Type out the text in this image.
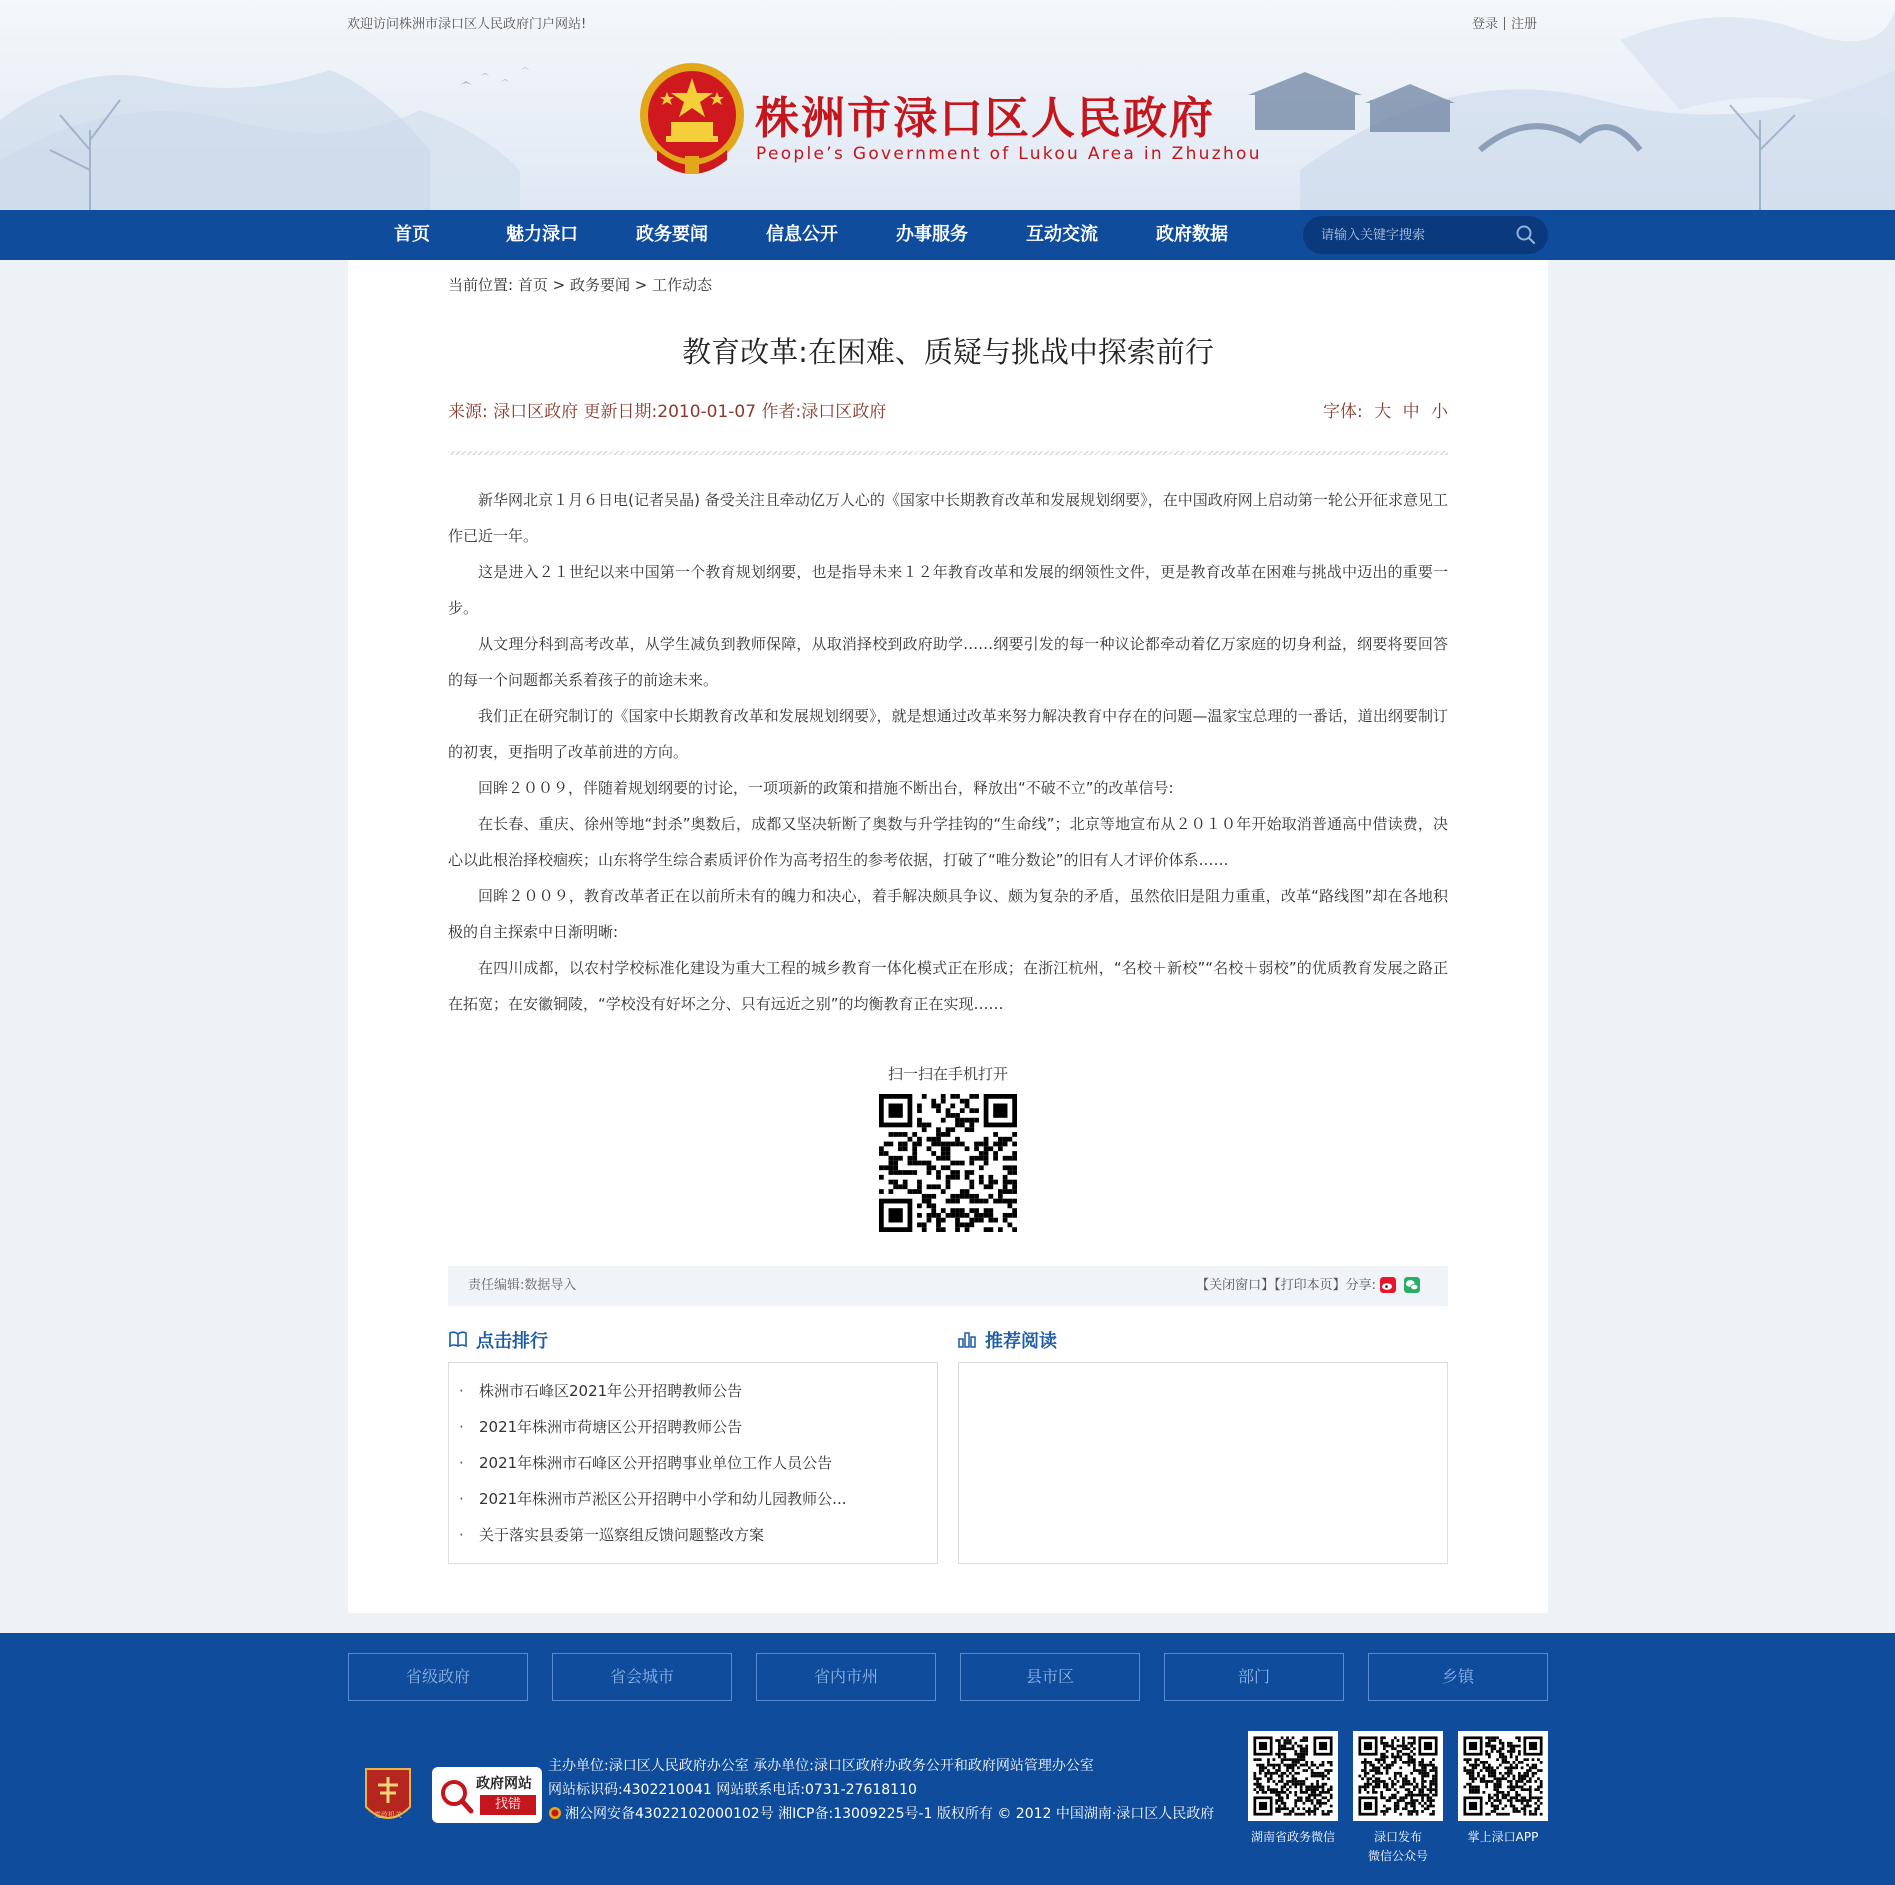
欢迎访问株洲市渌口区人民政府门户网站!	登录 注册
株洲市渌口区人民政府
People’s Government of Lukou Area in Zhuzhou
首页	魅力渌口	政务要闻	信息公开	办事服务	互动交流	政府数据
请输入关键字搜索
当前位置: 首页 > 政务要闻 > 工作动态
教育改革:在困难、质疑与挑战中探索前行
来源: 渌口区政府 更新日期:2010-01-07 作者:渌口区政府	字体: 大 中 小

新华网北京１月６日电(记者吴晶) 备受关注且牵动亿万人心的《国家中长期教育改革和发展规划纲要》，在中国政府网上启动第一轮公开征求意见工作已近一年。

这是进入２１世纪以来中国第一个教育规划纲要，也是指导未来１２年教育改革和发展的纲领性文件，更是教育改革在困难与挑战中迈出的重要一步。

从文理分科到高考改革，从学生减负到教师保障，从取消择校到政府助学……纲要引发的每一种议论都牵动着亿万家庭的切身利益，纲要将要回答的每一个问题都关系着孩子的前途未来。

我们正在研究制订的《国家中长期教育改革和发展规划纲要》，就是想通过改革来努力解决教育中存在的问题—温家宝总理的一番话，道出纲要制订的初衷，更指明了改革前进的方向。

回眸２００９，伴随着规划纲要的讨论，一项项新的政策和措施不断出台，释放出“不破不立”的改革信号:

在长春、重庆、徐州等地“封杀”奥数后，成都又坚决斩断了奥数与升学挂钩的“生命线”；北京等地宣布从２０１０年开始取消普通高中借读费，决心以此根治择校痼疾；山东将学生综合素质评价作为高考招生的参考依据，打破了“唯分数论”的旧有人才评价体系……

回眸２００９，教育改革者正在以前所未有的魄力和决心，着手解决颇具争议、颇为复杂的矛盾，虽然依旧是阻力重重，改革“路线图”却在各地积极的自主探索中日渐明晰:

在四川成都，以农村学校标准化建设为重大工程的城乡教育一体化模式正在形成；在浙江杭州，“名校＋新校”“名校＋弱校”的优质教育发展之路正在拓宽；在安徽铜陵，“学校没有好坏之分、只有远近之别”的均衡教育正在实现……

扫一扫在手机打开
责任编辑:数据导入	【关闭窗口】【打印本页】分享:
点击排行
· 株洲市石峰区2021年公开招聘教师公告
· 2021年株洲市荷塘区公开招聘教师公告
· 2021年株洲市石峰区公开招聘事业单位工作人员公告
· 2021年株洲市芦淞区公开招聘中小学和幼儿园教师公...
· 关于落实县委第一巡察组反馈问题整改方案
推荐阅读
省级政府	省会城市	省内市州	县市区	部门	乡镇
党政机关
政府网站
找错
主办单位:渌口区人民政府办公室 承办单位:渌口区政府办政务公开和政府网站管理办公室
网站标识码:4302210041 网站联系电话:0731-27618110
湘公网安备43022102000102号 湘ICP备:13009225号-1 版权所有 © 2012 中国湖南·渌口区人民政府
湖南省政务微信	渌口发布
微信公众号
掌上渌口APP
